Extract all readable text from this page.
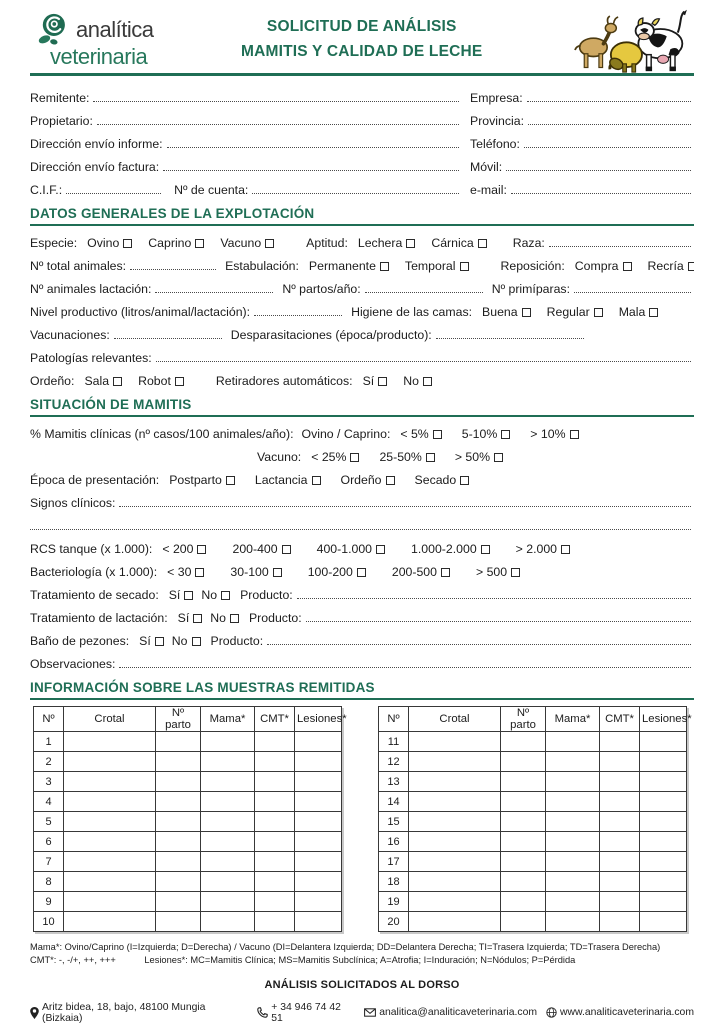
analítica
veterinaria
SOLICITUD DE ANÁLISIS
MAMITIS Y CALIDAD DE LECHE
Remitente:	Empresa:
Propietario:	Provincia:
Dirección envío informe:	Teléfono:
Dirección envío factura:	Móvil:
C.I.F.:	Nº de cuenta:	e-mail:
DATOS GENERALES DE LA EXPLOTACIÓN
Especie: Ovino Caprino Vacuno	Aptitud: Lechera Cárnica	Raza:
Nº total animales:	Estabulación: Permanente Temporal	Reposición: Compra Recría
Nº animales lactación:	Nº partos/año:	Nº primíparas:
Nivel productivo (litros/animal/lactación):	Higiene de las camas: Buena Regular Mala
Vacunaciones:	Desparasitaciones (época/producto):
Patologías relevantes:
Ordeño: Sala Robot	Retiradores automáticos: Sí No
SITUACIÓN DE MAMITIS
% Mamitis clínicas (nº casos/100 animales/año): Ovino / Caprino: < 5%	5-10%	> 10%
Vacuno: < 25%	25-50%	> 50%
Época de presentación: Postparto	Lactancia	Ordeño	Secado
Signos clínicos:
RCS tanque (x 1.000): < 200	200-400	400-1.000	1.000-2.000	> 2.000
Bacteriología (x 1.000): < 30	30-100	100-200	200-500	> 500
Tratamiento de secado: Sí No Producto:
Tratamiento de lactación: Sí No Producto:
Baño de pezones: Sí No Producto:
Observaciones:
INFORMACIÓN SOBRE LAS MUESTRAS REMITIDAS
Nº	Crotal	Nº parto	Mama*	CMT*	Lesiones*
1					
2					
3					
4					
5					
6					
7					
8					
9					
10					
Nº	Crotal	Nº parto	Mama*	CMT*	Lesiones*
11					
12					
13					
14					
15					
16					
17					
18					
19					
20					
Mama*: Ovino/Caprino (I=Izquierda; D=Derecha) / Vacuno (DI=Delantera Izquierda; DD=Delantera Derecha; TI=Trasera Izquierda; TD=Trasera Derecha)
CMT*: -, -/+, ++, +++	Lesiones*: MC=Mamitis Clínica; MS=Mamitis Subclínica; A=Atrofia; I=Induración; N=Nódulos; P=Pérdida
ANÁLISIS SOLICITADOS AL DORSO
Aritz bidea, 18, bajo, 48100 Mungia (Bizkaia)
+ 34 946 74 42 51	analitica@analiticaveterinaria.com www.analiticaveterinaria.com
